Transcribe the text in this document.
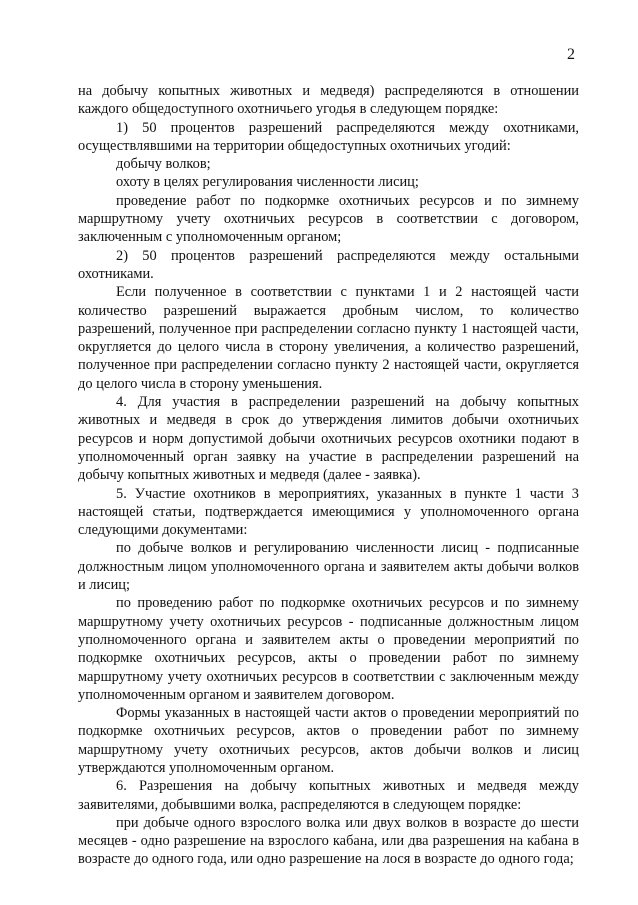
2

на добычу копытных животных и медведя) распределяются в отношении каждого общедоступного охотничьего угодья в следующем порядке:

1) 50 процентов разрешений распределяются между охотниками, осуществлявшими на территории общедоступных охотничьих угодий:

добычу волков;

охоту в целях регулирования численности лисиц;

проведение работ по подкормке охотничьих ресурсов и по зимнему маршрутному учету охотничьих ресурсов в соответствии с договором, заключенным с уполномоченным органом;

2) 50 процентов разрешений распределяются между остальными охотниками.

Если полученное в соответствии с пунктами 1 и 2 настоящей части количество разрешений выражается дробным числом, то количество разрешений, полученное при распределении согласно пункту 1 настоящей части, округляется до целого числа в сторону увеличения, а количество разрешений, полученное при распределении согласно пункту 2 настоящей части, округляется до целого числа в сторону уменьшения.

4. Для участия в распределении разрешений на добычу копытных животных и медведя в срок до утверждения лимитов добычи охотничьих ресурсов и норм допустимой добычи охотничьих ресурсов охотники подают в уполномоченный орган заявку на участие в распределении разрешений на добычу копытных животных и медведя (далее - заявка).

5. Участие охотников в мероприятиях, указанных в пункте 1 части 3 настоящей статьи, подтверждается имеющимися у уполномоченного органа следующими документами:

по добыче волков и регулированию численности лисиц - подписанные должностным лицом уполномоченного органа и заявителем акты добычи волков и лисиц;

по проведению работ по подкормке охотничьих ресурсов и по зимнему маршрутному учету охотничьих ресурсов - подписанные должностным лицом уполномоченного органа и заявителем акты о проведении мероприятий по подкормке охотничьих ресурсов, акты о проведении работ по зимнему маршрутному учету охотничьих ресурсов в соответствии с заключенным между уполномоченным органом и заявителем договором.

Формы указанных в настоящей части актов о проведении мероприятий по подкормке охотничьих ресурсов, актов о проведении работ по зимнему маршрутному учету охотничьих ресурсов, актов добычи волков и лисиц утверждаются уполномоченным органом.

6. Разрешения на добычу копытных животных и медведя между заявителями, добывшими волка, распределяются в следующем порядке:

при добыче одного взрослого волка или двух волков в возрасте до шести месяцев - одно разрешение на взрослого кабана, или два разрешения на кабана в возрасте до одного года, или одно разрешение на лося в возрасте до одного года;
